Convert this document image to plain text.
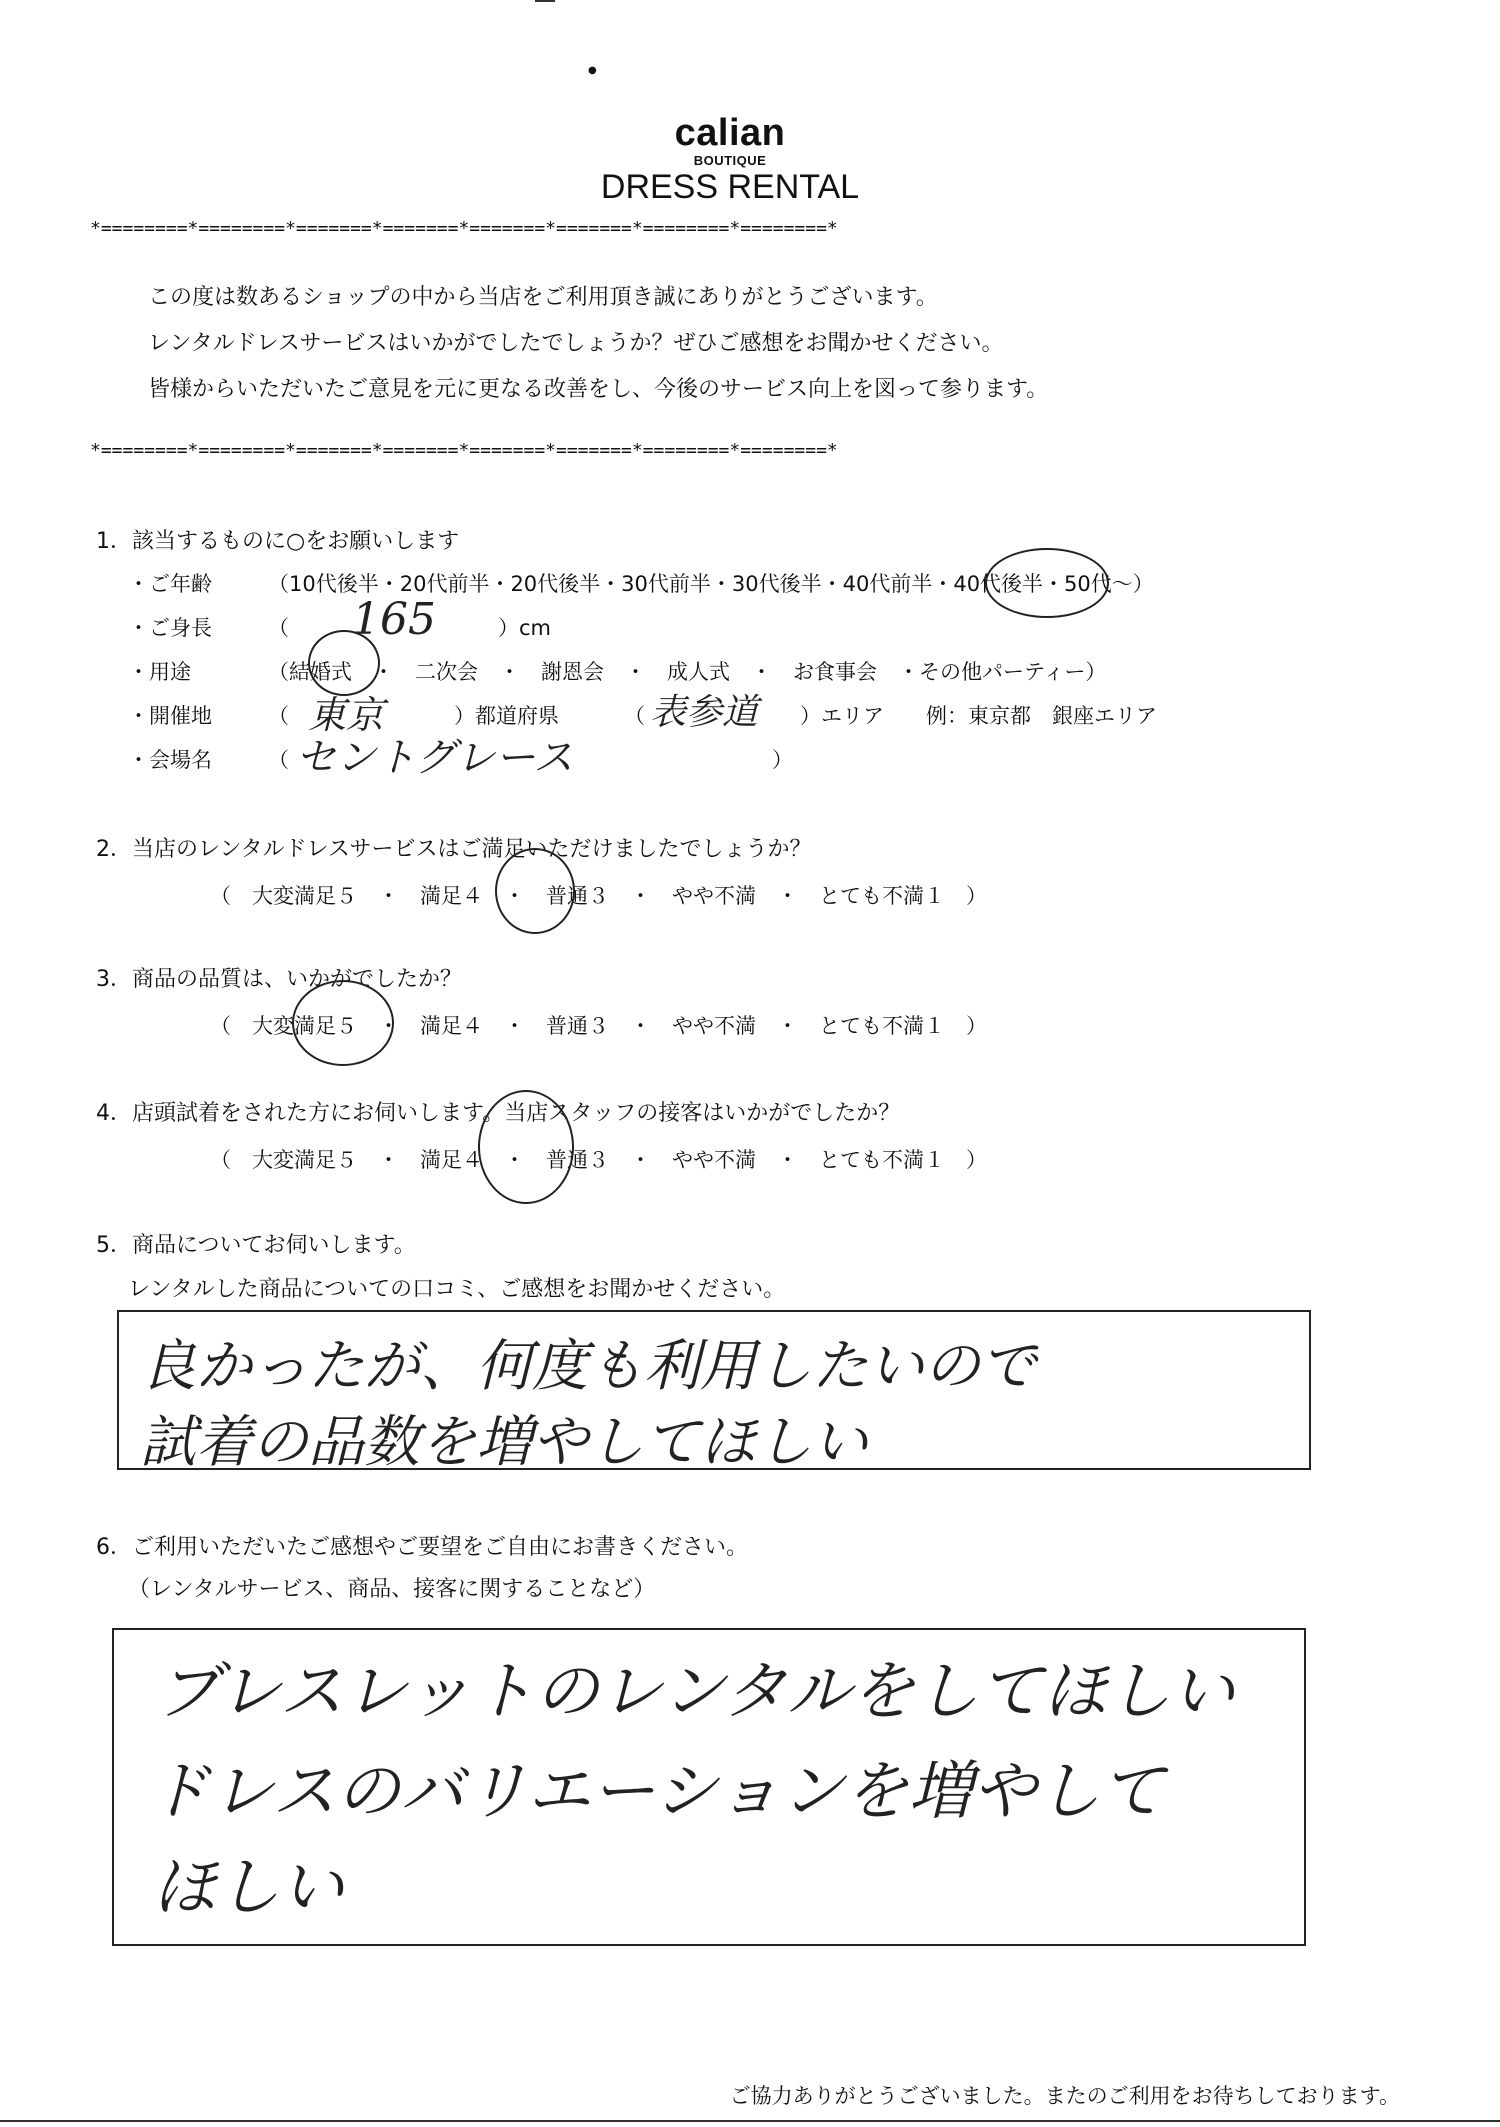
●
calian
BOUTIQUE
DRESS RENTAL
*========*========*=======*=======*=======*=======*========*========*
この度は数あるショップの中から当店をご利用頂き誠にありがとうございます。
レンタルドレスサービスはいかがでしたでしょうか？ぜひご感想をお聞かせください。
皆様からいただいたご意見を元に更なる改善をし、今後のサービス向上を図って参ります。
*========*========*=======*=======*=======*=======*========*========*
1．該当するものに○をお願いします
・ご年齢	（10代後半・20代前半・20代後半・30代前半・30代後半・40代前半・40代後半・50代〜）
・ご身長	（ 165	）cm
・用途	（結婚式　・　二次会　・　謝恩会　・　成人式　・　お食事会　・その他パーティー）
・開催地	（ 東京	）都道府県	（ 表参道 ）エリア　　例：東京都　銀座エリア
・会場名	（ セントグレース	）
2．当店のレンタルドレスサービスはご満足いただけましたでしょうか？
（　大変満足５　・　満足４　・　普通３　・　やや不満　・　とても不満１　）
3．商品の品質は、いかがでしたか？
（　大変満足５　・　満足４　・　普通３　・　やや不満　・　とても不満１　）
4．店頭試着をされた方にお伺いします。当店スタッフの接客はいかがでしたか？
（　大変満足５　・　満足４　・　普通３　・　やや不満　・　とても不満１　）
5．商品についてお伺いします。
レンタルした商品についての口コミ、ご感想をお聞かせください。
良かったが、何度も利用したいので
試着の品数を増やしてほしい
6．ご利用いただいたご感想やご要望をご自由にお書きください。
（レンタルサービス、商品、接客に関することなど）
ブレスレットのレンタルをしてほしい
ドレスのバリエーションを増やして
ほしい
ご協力ありがとうございました。またのご利用をお待ちしております。
